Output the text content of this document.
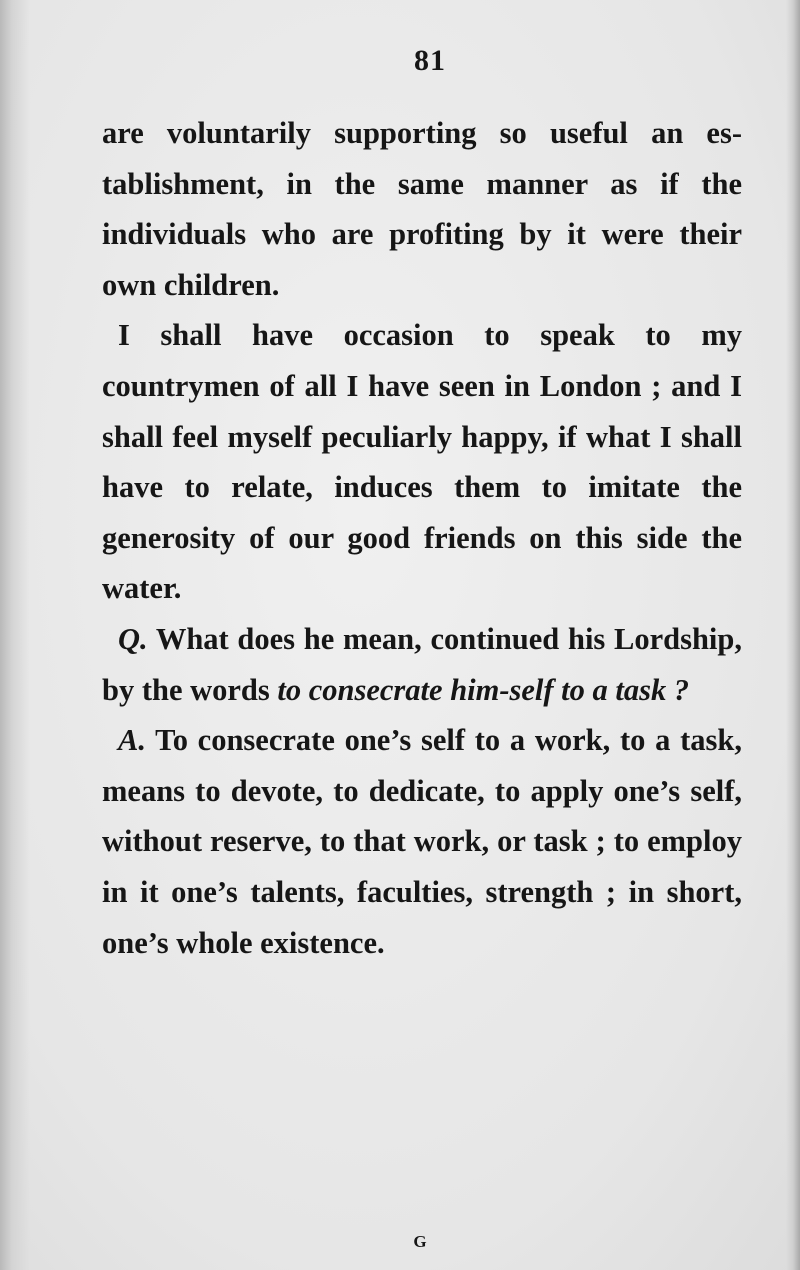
81

are voluntarily supporting so useful an es-tablishment, in the same manner as if the individuals who are profiting by it were their own children.

I shall have occasion to speak to my countrymen of all I have seen in London ; and I shall feel myself peculiarly happy, if what I shall have to relate, induces them to imitate the generosity of our good friends on this side the water.

Q. What does he mean, continued his Lordship, by the words to consecrate him-self to a task ?

A. To consecrate one’s self to a work, to a task, means to devote, to dedicate, to apply one’s self, without reserve, to that work, or task ; to employ in it one’s talents, faculties, strength ; in short, one’s whole existence.

G
